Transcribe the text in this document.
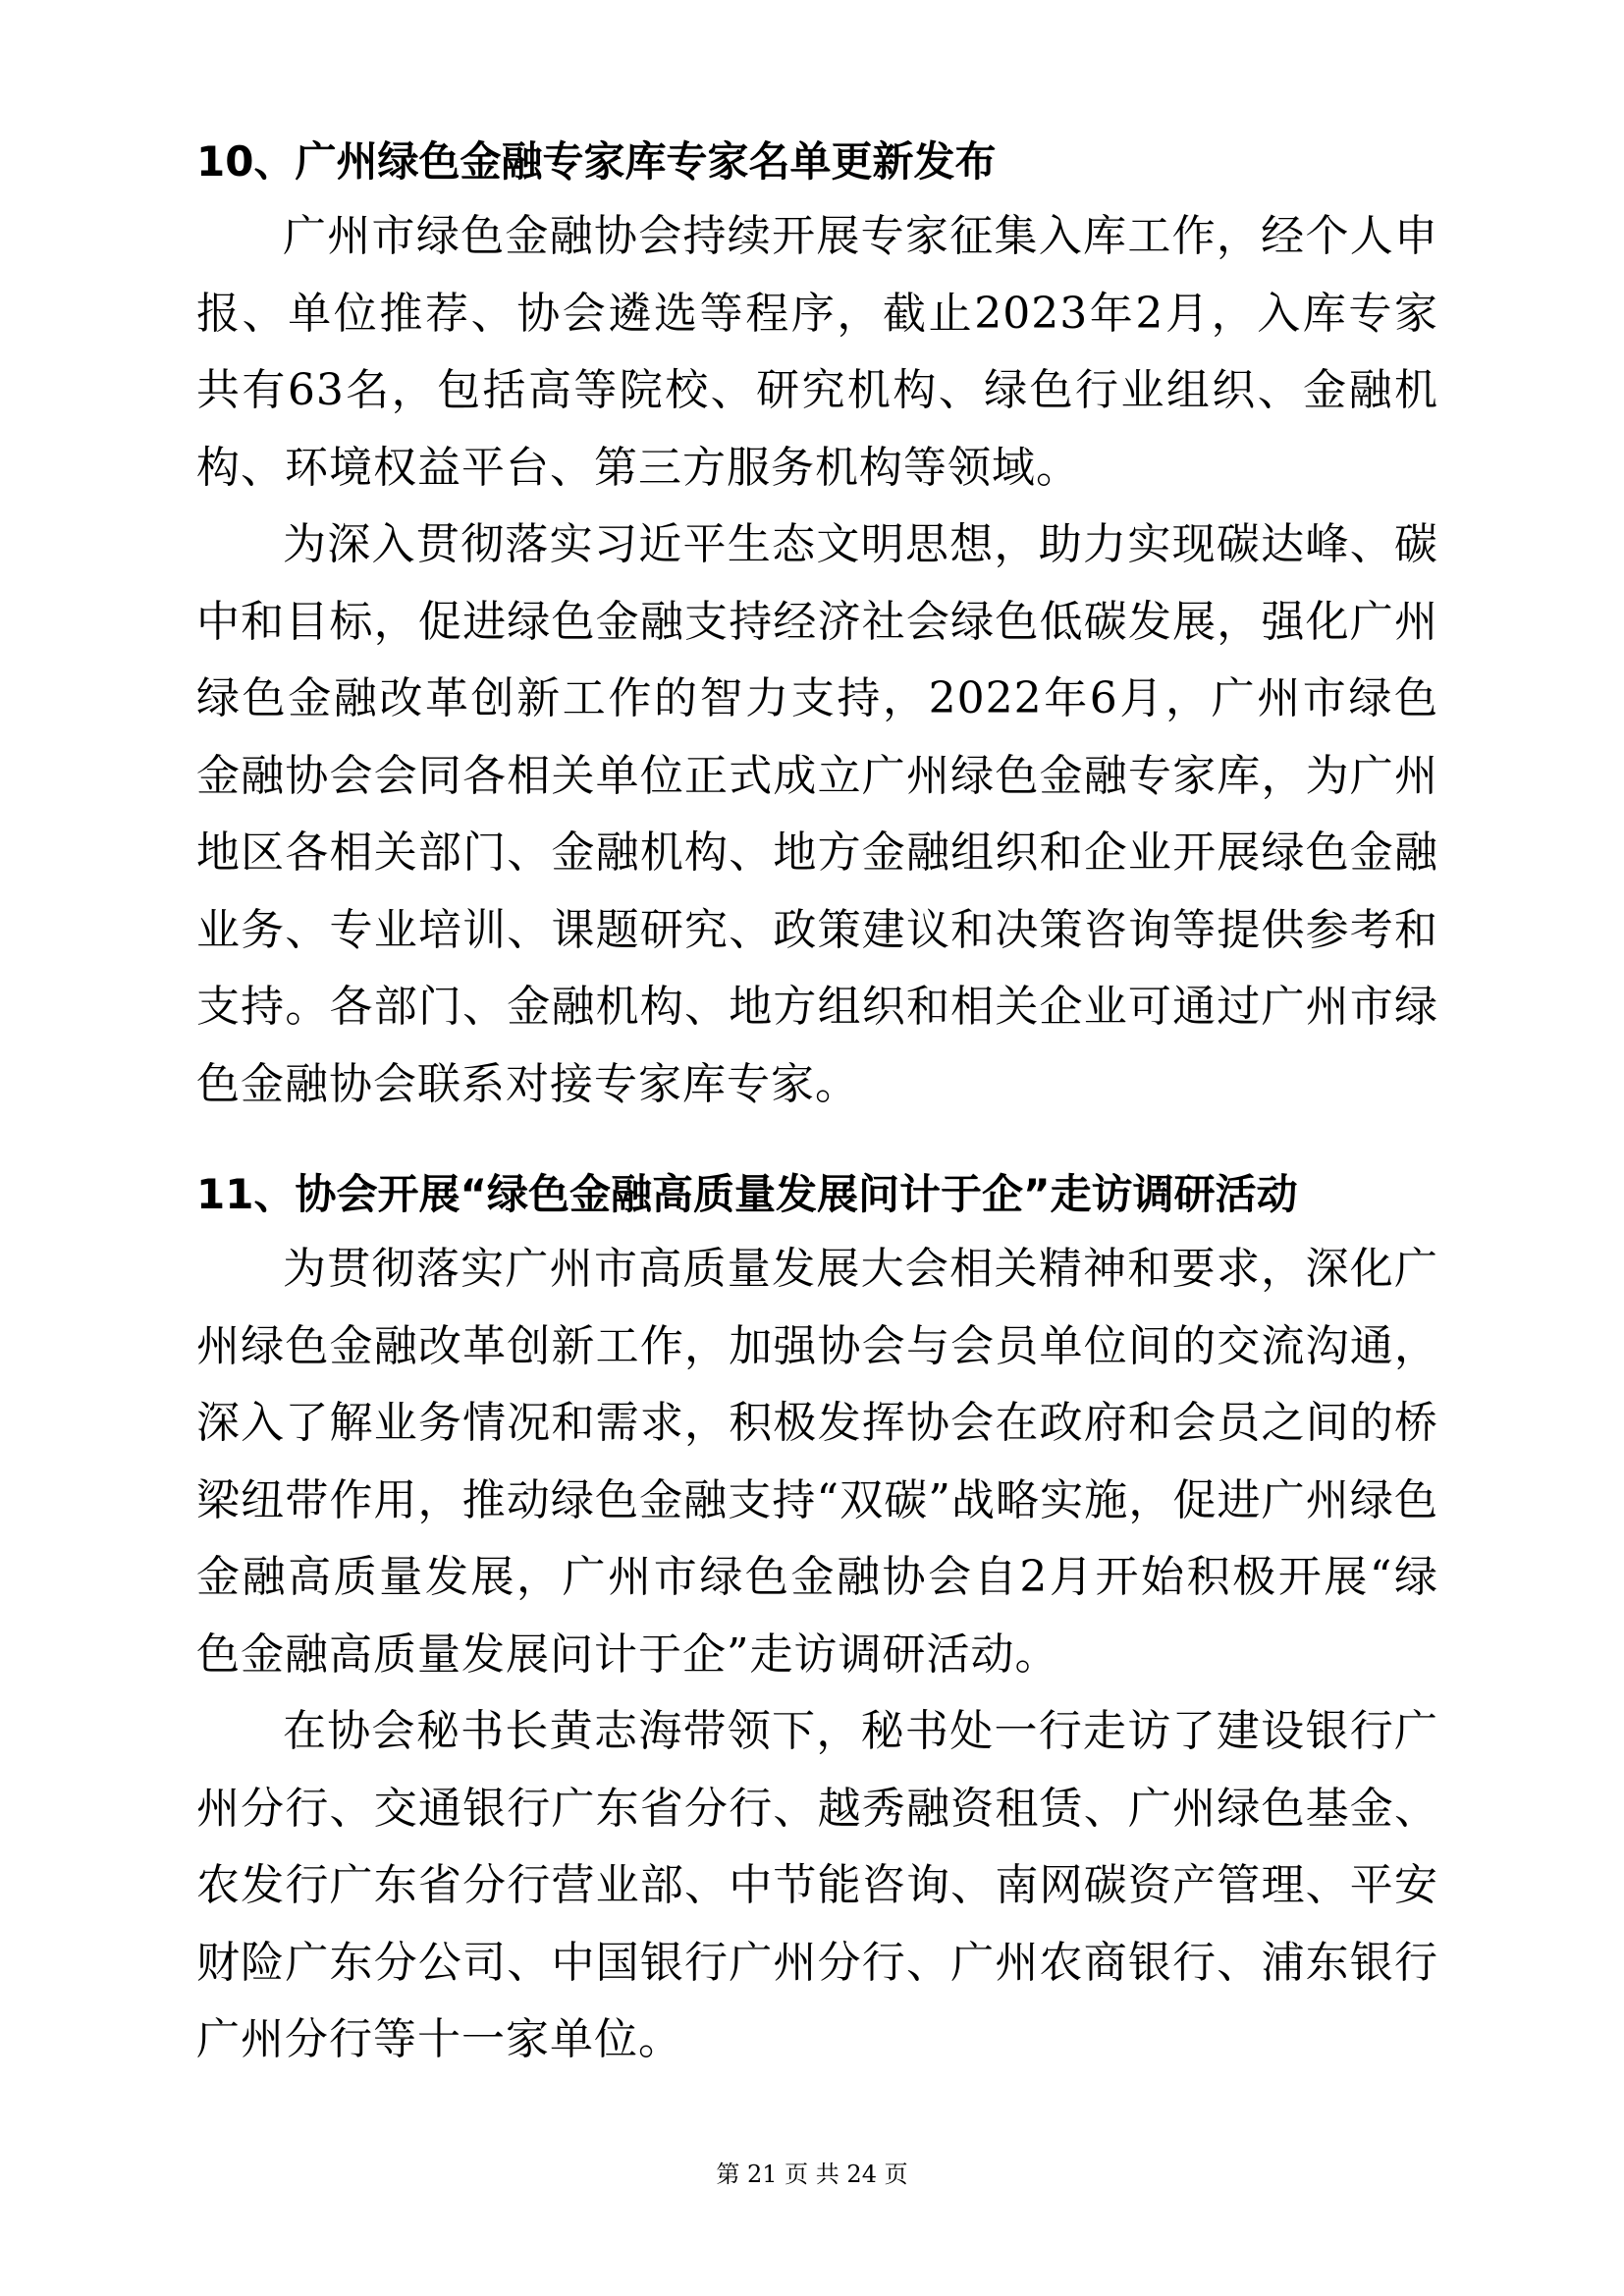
10、广州绿色金融专家库专家名单更新发布

广州市绿色金融协会持续开展专家征集入库工作，经个人申报、单位推荐、协会遴选等程序，截止2023年2月，入库专家共有63名，包括高等院校、研究机构、绿色行业组织、金融机构、环境权益平台、第三方服务机构等领域。

为深入贯彻落实习近平生态文明思想，助力实现碳达峰、碳中和目标，促进绿色金融支持经济社会绿色低碳发展，强化广州绿色金融改革创新工作的智力支持，2022年6月，广州市绿色金融协会会同各相关单位正式成立广州绿色金融专家库，为广州地区各相关部门、金融机构、地方金融组织和企业开展绿色金融业务、专业培训、课题研究、政策建议和决策咨询等提供参考和支持。各部门、金融机构、地方组织和相关企业可通过广州市绿色金融协会联系对接专家库专家。

11、协会开展“绿色金融高质量发展问计于企”走访调研活动

为贯彻落实广州市高质量发展大会相关精神和要求，深化广州绿色金融改革创新工作，加强协会与会员单位间的交流沟通，深入了解业务情况和需求，积极发挥协会在政府和会员之间的桥梁纽带作用，推动绿色金融支持“双碳”战略实施，促进广州绿色金融高质量发展，广州市绿色金融协会自2月开始积极开展“绿色金融高质量发展问计于企”走访调研活动。

在协会秘书长黄志海带领下，秘书处一行走访了建设银行广州分行、交通银行广东省分行、越秀融资租赁、广州绿色基金、农发行广东省分行营业部、中节能咨询、南网碳资产管理、平安财险广东分公司、中国银行广州分行、广州农商银行、浦东银行广州分行等十一家单位。

第 21 页 共 24 页
